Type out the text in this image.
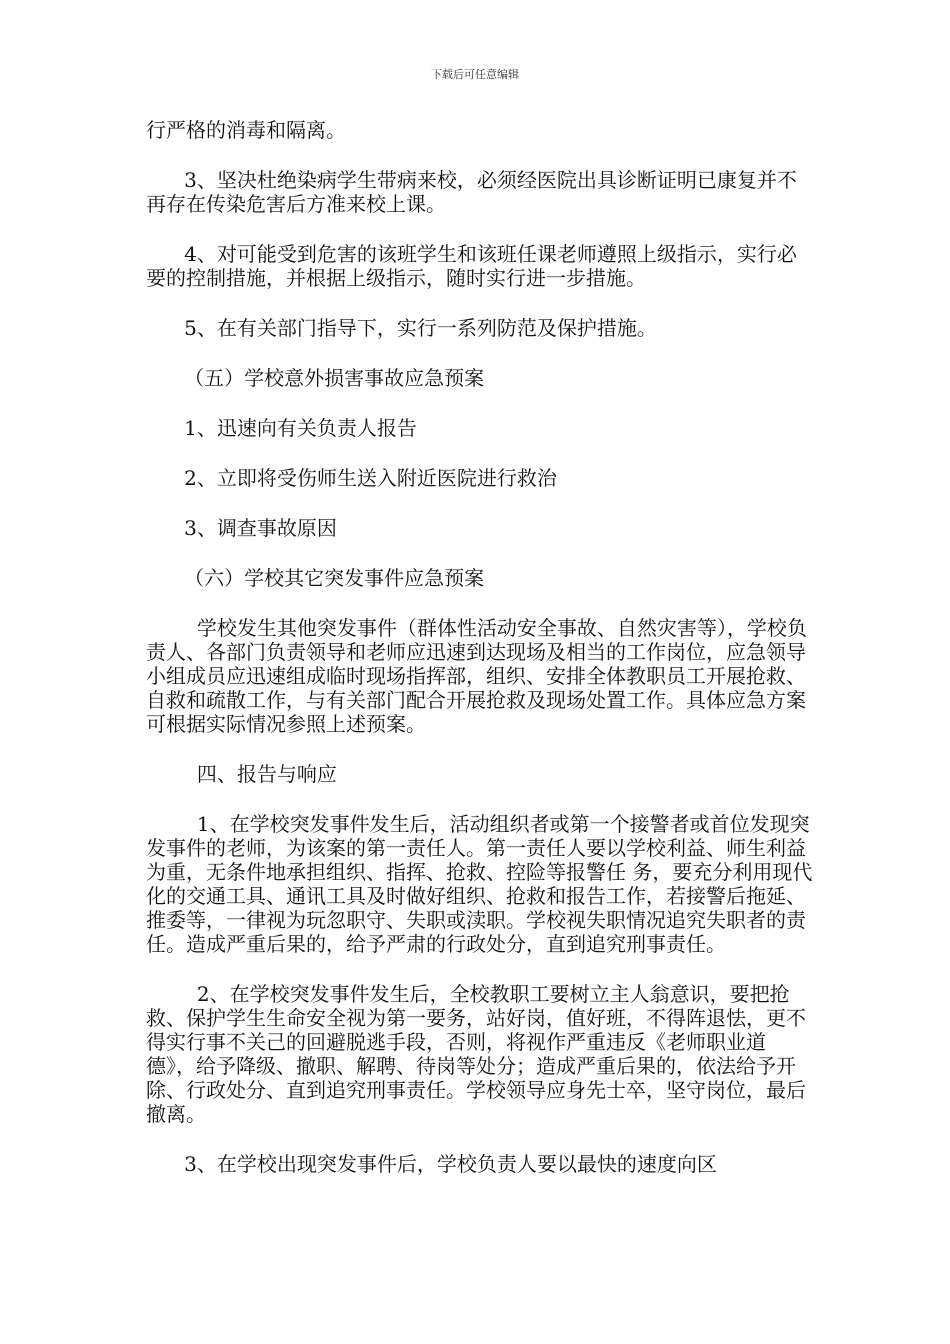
下载后可任意编辑

行严格的消毒和隔离。

3、坚决杜绝染病学生带病来校，必须经医院出具诊断证明已康复并不再存在传染危害后方准来校上课。

4、对可能受到危害的该班学生和该班任课老师遵照上级指示，实行必要的控制措施，并根据上级指示，随时实行进一步措施。

5、在有关部门指导下，实行一系列防范及保护措施。

（五）学校意外损害事故应急预案

1、迅速向有关负责人报告

2、立即将受伤师生送入附近医院进行救治

3、调查事故原因

（六）学校其它突发事件应急预案

学校发生其他突发事件（群体性活动安全事故、自然灾害等），学校负责人、各部门负责领导和老师应迅速到达现场及相当的工作岗位，应急领导小组成员应迅速组成临时现场指挥部，组织、安排全体教职员工开展抢救、自救和疏散工作，与有关部门配合开展抢救及现场处置工作。具体应急方案可根据实际情况参照上述预案。

四、报告与响应

1、在学校突发事件发生后，活动组织者或第一个接警者或首位发现突发事件的老师，为该案的第一责任人。第一责任人要以学校利益、师生利益为重，无条件地承担组织、指挥、抢救、控险等报警任 务，要充分利用现代化的交通工具、通讯工具及时做好组织、抢救和报告工作，若接警后拖延、推委等，一律视为玩忽职守、失职或渎职。学校视失职情况追究失职者的责任。造成严重后果的，给予严肃的行政处分，直到追究刑事责任。

2、在学校突发事件发生后，全校教职工要树立主人翁意识，要把抢救、保护学生生命安全视为第一要务，站好岗，值好班，不得阵退怯，更不得实行事不关己的回避脱逃手段，否则，将视作严重违反《老师职业道德》，给予降级、撤职、解聘、待岗等处分；造成严重后果的，依法给予开除、行政处分、直到追究刑事责任。学校领导应身先士卒，坚守岗位，最后撤离。

3、在学校出现突发事件后，学校负责人要以最快的速度向区
